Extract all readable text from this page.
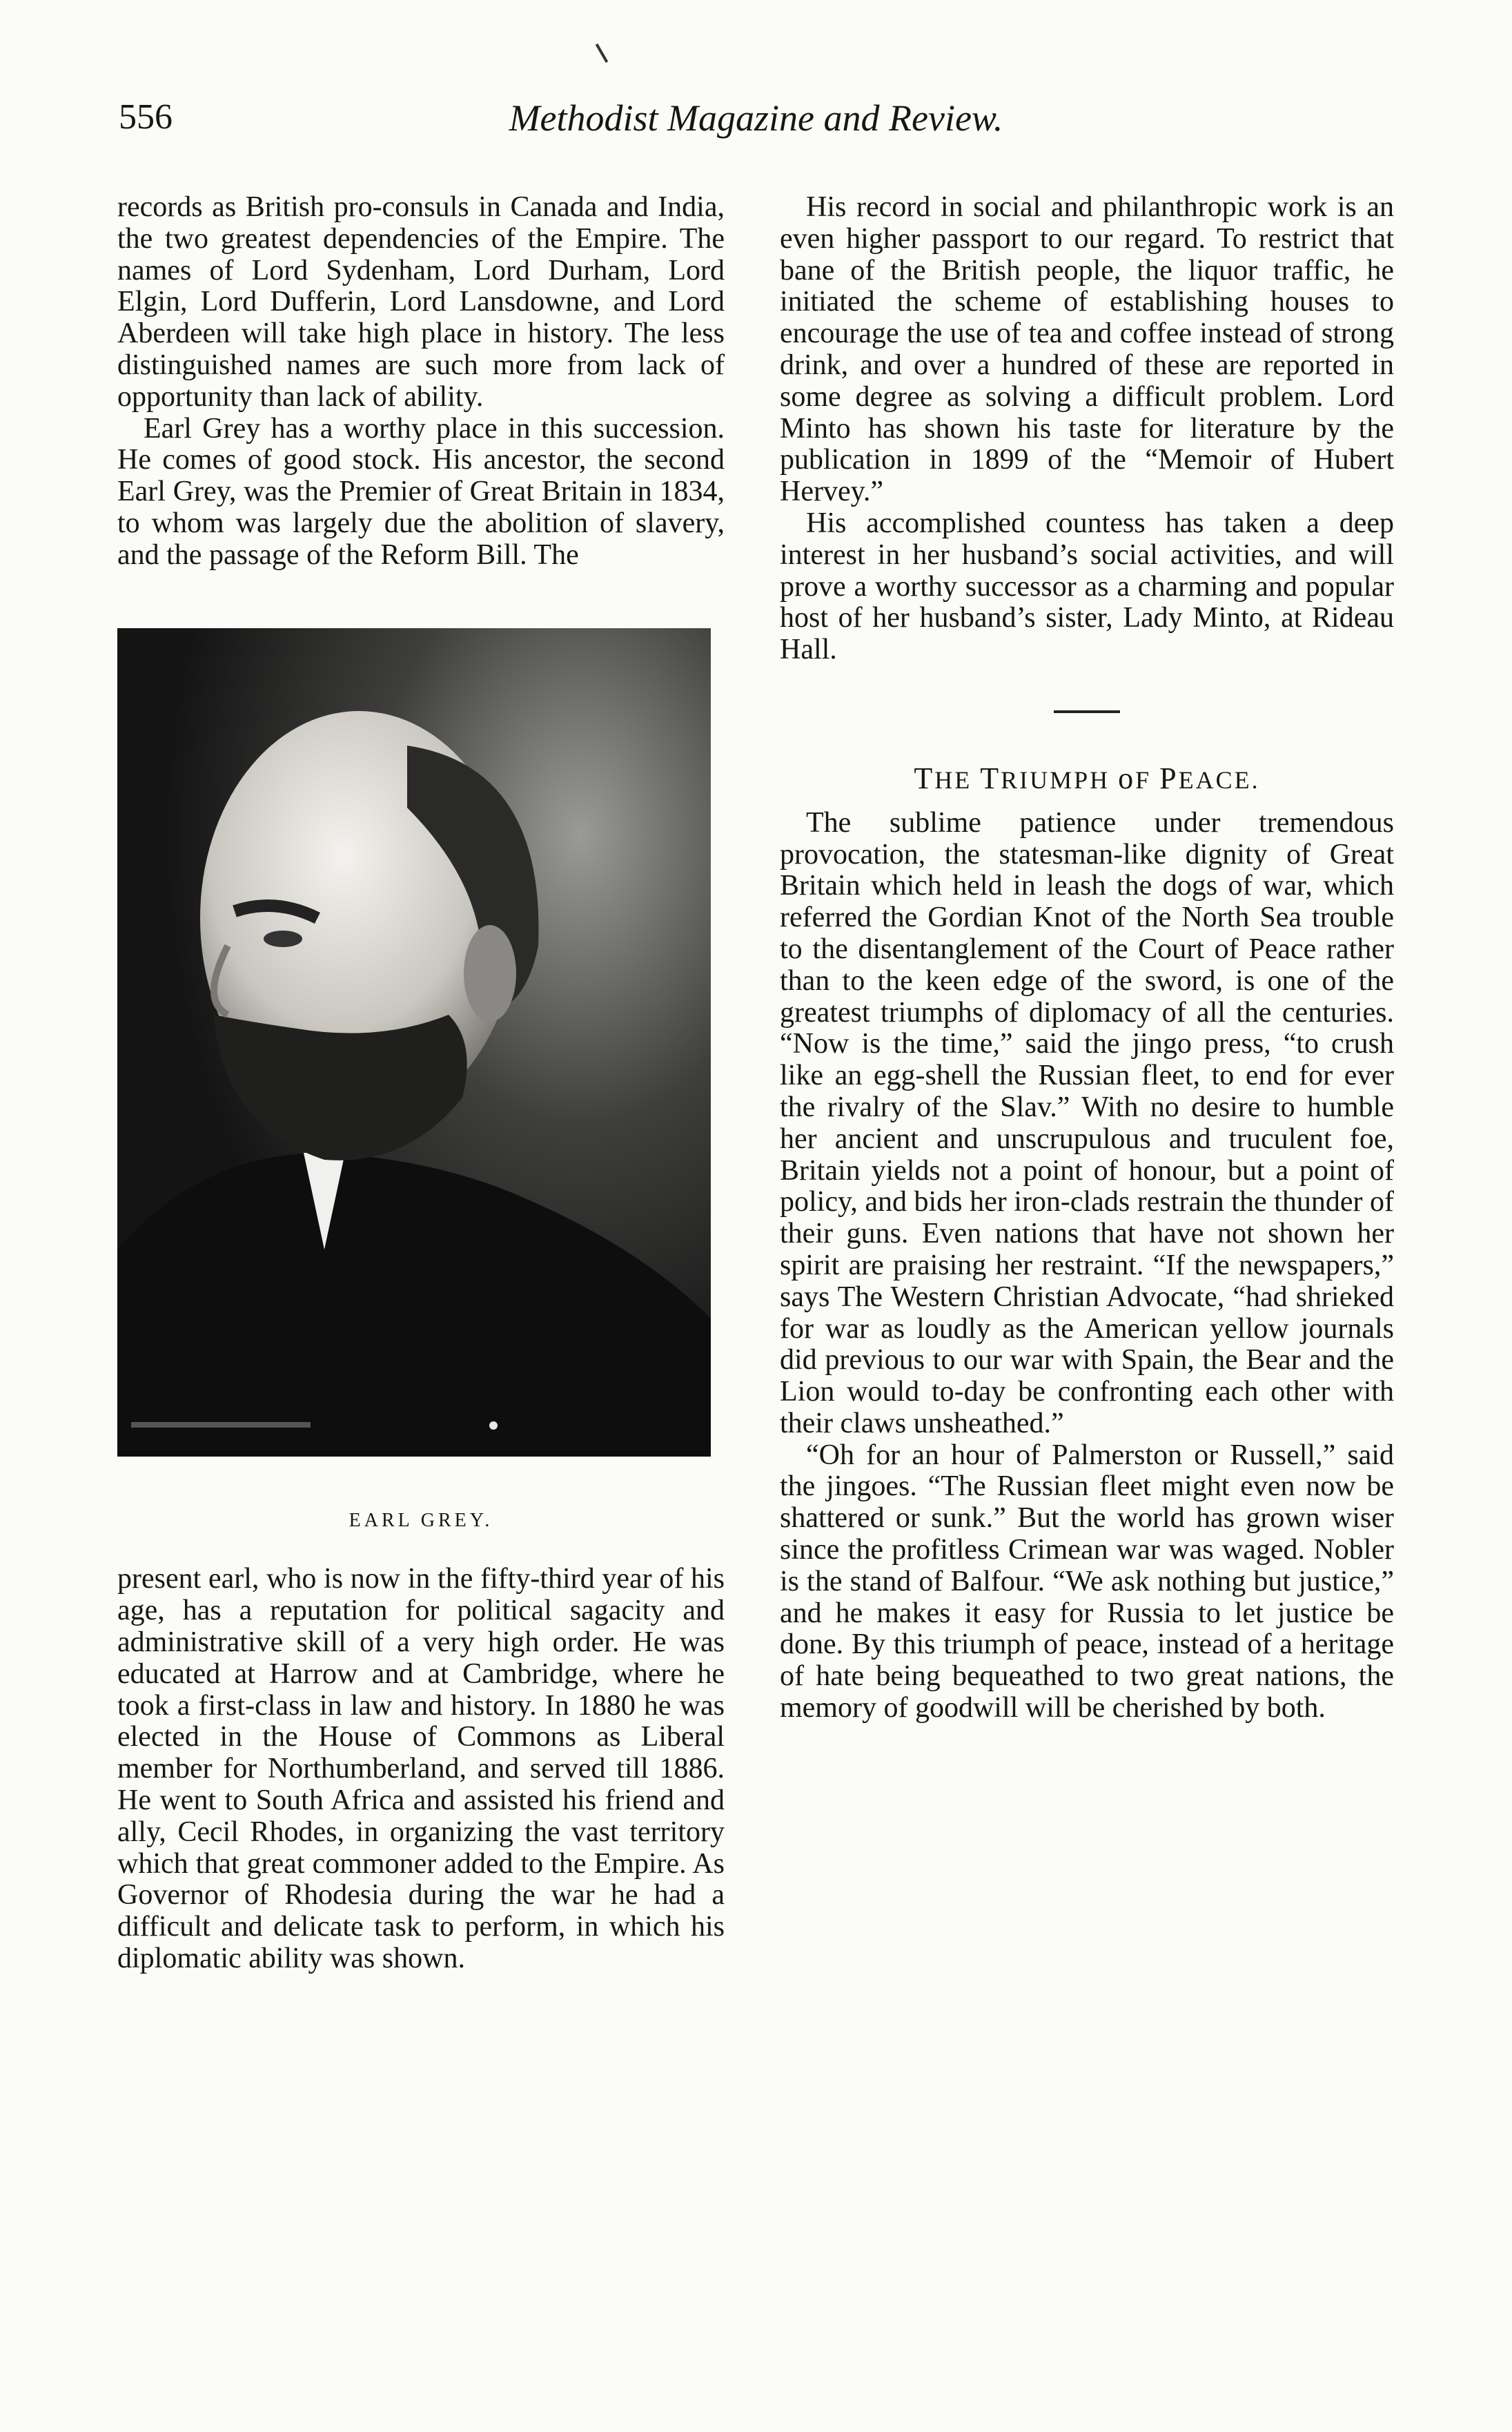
556	Methodist Magazine and Review.

records as British pro-consuls in Canada and India, the two greatest dependencies of the Empire. The names of Lord Sydenham, Lord Durham, Lord Elgin, Lord Dufferin, Lord Lansdowne, and Lord Aberdeen will take high place in history. The less distinguished names are such more from lack of opportunity than lack of ability.

Earl Grey has a worthy place in this succession. He comes of good stock. His ancestor, the second Earl Grey, was the Premier of Great Britain in 1834, to whom was largely due the abolition of slavery, and the passage of the Reform Bill. The

EARL GREY.

present earl, who is now in the fifty-third year of his age, has a reputation for political sagacity and administrative skill of a very high order. He was educated at Harrow and at Cambridge, where he took a first-class in law and history. In 1880 he was elected in the House of Commons as Liberal member for Northumberland, and served till 1886. He went to South Africa and assisted his friend and ally, Cecil Rhodes, in organizing the vast territory which that great commoner added to the Empire. As Governor of Rhodesia during the war he had a difficult and delicate task to perform, in which his diplomatic ability was shown.

His record in social and philanthropic work is an even higher passport to our regard. To restrict that bane of the British people, the liquor traffic, he initiated the scheme of establishing houses to encourage the use of tea and coffee instead of strong drink, and over a hundred of these are reported in some degree as solving a difficult problem. Lord Minto has shown his taste for literature by the publication in 1899 of the “Memoir of Hubert Hervey.”

His accomplished countess has taken a deep interest in her husband’s social activities, and will prove a worthy successor as a charming and popular host of her husband’s sister, Lady Minto, at Rideau Hall.

THE TRIUMPH oF PEACE.

The sublime patience under tremendous provocation, the statesman-like dignity of Great Britain which held in leash the dogs of war, which referred the Gordian Knot of the North Sea trouble to the disentanglement of the Court of Peace rather than to the keen edge of the sword, is one of the greatest triumphs of diplomacy of all the centuries. “Now is the time,” said the jingo press, “to crush like an egg-shell the Russian fleet, to end for ever the rivalry of the Slav.” With no desire to humble her ancient and unscrupulous and truculent foe, Britain yields not a point of honour, but a point of policy, and bids her iron-clads restrain the thunder of their guns. Even nations that have not shown her spirit are praising her restraint. “If the newspapers,” says The Western Christian Advocate, “had shrieked for war as loudly as the American yellow journals did previous to our war with Spain, the Bear and the Lion would to-day be confronting each other with their claws unsheathed.”

“Oh for an hour of Palmerston or Russell,” said the jingoes. “The Russian fleet might even now be shattered or sunk.” But the world has grown wiser since the profitless Crimean war was waged. Nobler is the stand of Balfour. “We ask nothing but justice,” and he makes it easy for Russia to let justice be done. By this triumph of peace, instead of a heritage of hate being bequeathed to two great nations, the memory of goodwill will be cherished by both.
